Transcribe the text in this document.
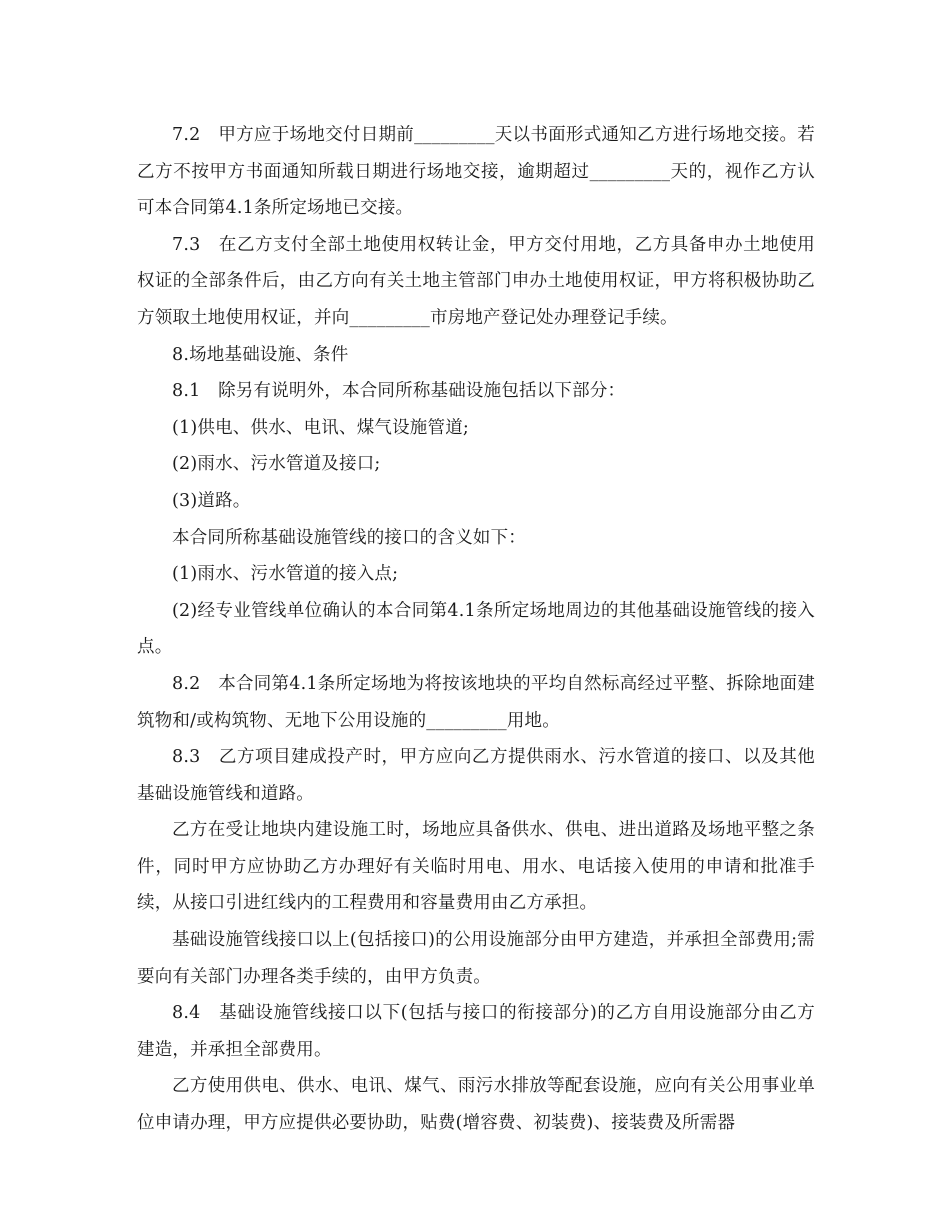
7.2　甲方应于场地交付日期前_________天以书面形式通知乙方进行场地交接。若乙方不按甲方书面通知所载日期进行场地交接，逾期超过_________天的，视作乙方认可本合同第4.1条所定场地已交接。

7.3　在乙方支付全部土地使用权转让金，甲方交付用地，乙方具备申办土地使用权证的全部条件后，由乙方向有关土地主管部门申办土地使用权证，甲方将积极协助乙方领取土地使用权证，并向_________市房地产登记处办理登记手续。

8.场地基础设施、条件

8.1　除另有说明外，本合同所称基础设施包括以下部分：

(1)供电、供水、电讯、煤气设施管道;

(2)雨水、污水管道及接口;

(3)道路。

本合同所称基础设施管线的接口的含义如下：

(1)雨水、污水管道的接入点;

(2)经专业管线单位确认的本合同第4.1条所定场地周边的其他基础设施管线的接入点。

8.2　本合同第4.1条所定场地为将按该地块的平均自然标高经过平整、拆除地面建筑物和/或构筑物、无地下公用设施的_________用地。

8.3　乙方项目建成投产时，甲方应向乙方提供雨水、污水管道的接口、以及其他基础设施管线和道路。

乙方在受让地块内建设施工时，场地应具备供水、供电、进出道路及场地平整之条件，同时甲方应协助乙方办理好有关临时用电、用水、电话接入使用的申请和批准手续，从接口引进红线内的工程费用和容量费用由乙方承担。

基础设施管线接口以上(包括接口)的公用设施部分由甲方建造，并承担全部费用;需要向有关部门办理各类手续的，由甲方负责。

8.4　基础设施管线接口以下(包括与接口的衔接部分)的乙方自用设施部分由乙方建造，并承担全部费用。

乙方使用供电、供水、电讯、煤气、雨污水排放等配套设施，应向有关公用事业单位申请办理，甲方应提供必要协助，贴费(增容费、初装费)、接装费及所需器
